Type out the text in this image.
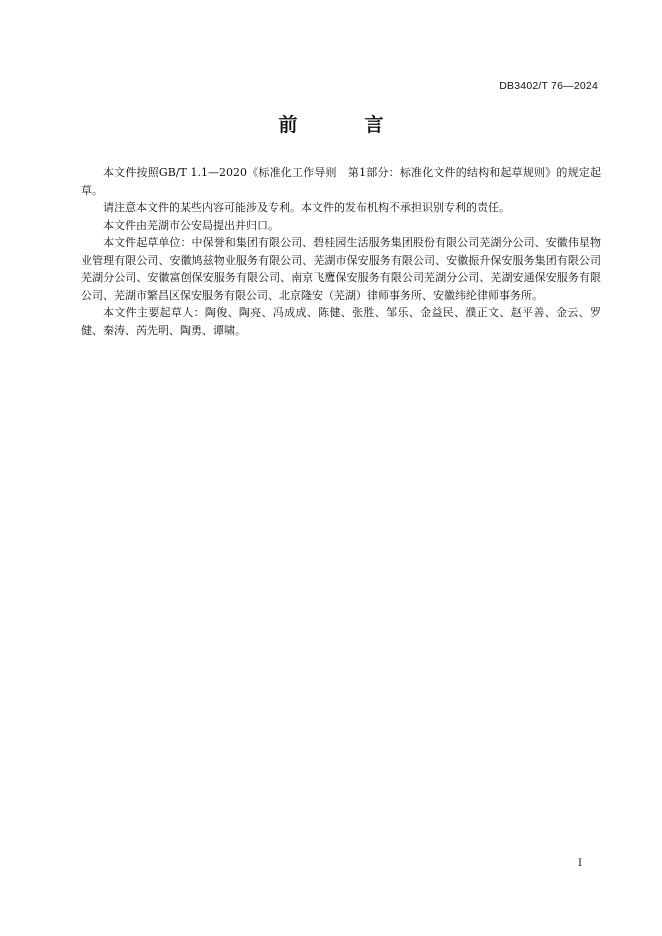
DB3402/T 76—2024
前　言

本文件按照GB/T 1.1—2020《标准化工作导则　第1部分：标准化文件的结构和起草规则》的规定起草。

请注意本文件的某些内容可能涉及专利。本文件的发布机构不承担识别专利的责任。

本文件由芜湖市公安局提出并归口。

本文件起草单位：中保誉和集团有限公司、碧桂园生活服务集团股份有限公司芜湖分公司、安徽伟星物业管理有限公司、安徽鸠兹物业服务有限公司、芜湖市保安服务有限公司、安徽振升保安服务集团有限公司芜湖分公司、安徽富创保安服务有限公司、南京飞鹰保安服务有限公司芜湖分公司、芜湖安通保安服务有限公司、芜湖市繁昌区保安服务有限公司、北京隆安（芜湖）律师事务所、安徽纬纶律师事务所。

本文件主要起草人：陶俊、陶亮、冯成成、陈健、张胜、邹乐、金益民、濮正文、赵平善、金云、罗健、秦涛、芮先明、陶勇、谭啸。

I
